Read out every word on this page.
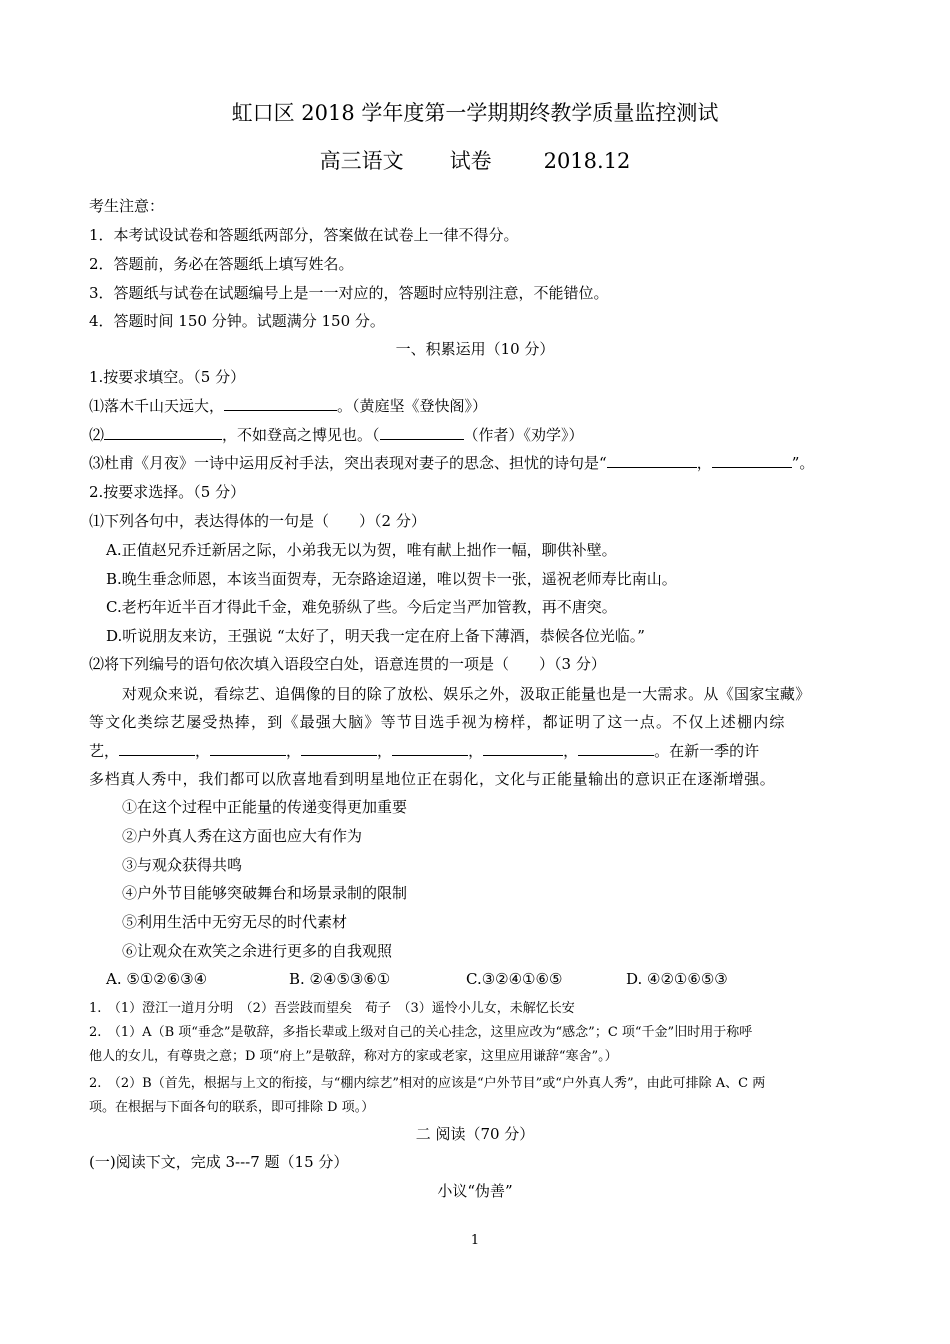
虹口区 2018 学年度第一学期期终教学质量监控测试
高三语文 试卷 2018.12
考生注意：
1．本考试设试卷和答题纸两部分，答案做在试卷上一律不得分。
2．答题前，务必在答题纸上填写姓名。
3．答题纸与试卷在试题编号上是一一对应的，答题时应特别注意，不能错位。
4．答题时间 150 分钟。试题满分 150 分。
一、积累运用（10 分）
1.按要求填空。（5 分）
⑴落木千山天远大，	。（黄庭坚《登快阁》）
⑵	，不如登高之博见也。（	（作者）《劝学》）
⑶杜甫《月夜》一诗中运用反衬手法，突出表现对妻子的思念、担忧的诗句是“	，	”。
2.按要求选择。（5 分）
⑴下列各句中，表达得体的一句是（　　）（2 分）
A.正值赵兄乔迁新居之际，小弟我无以为贺，唯有献上拙作一幅，聊供补壁。
B.晚生垂念师恩，本该当面贺寿，无奈路途迢递，唯以贺卡一张，遥祝老师寿比南山。
C.老朽年近半百才得此千金，难免骄纵了些。今后定当严加管教，再不唐突。
D.听说朋友来访，王强说 “太好了，明天我一定在府上备下薄酒，恭候各位光临。”
⑵将下列编号的语句依次填入语段空白处，语意连贯的一项是（　　）（3 分）
对观众来说，看综艺、追偶像的目的除了放松、娱乐之外，汲取正能量也是一大需求。从《国家宝藏》
等文化类综艺屡受热捧，到《最强大脑》等节目选手视为榜样，都证明了这一点。不仅上述棚内综
艺，	，	，	，	，	，	。在新一季的许
多档真人秀中，我们都可以欣喜地看到明星地位正在弱化，文化与正能量输出的意识正在逐渐增强。
①在这个过程中正能量的传递变得更加重要
②户外真人秀在这方面也应大有作为
③与观众获得共鸣
④户外节目能够突破舞台和场景录制的限制
⑤利用生活中无穷无尽的时代素材
⑥让观众在欢笑之余进行更多的自我观照
A. ⑤①②⑥③④	B. ②④⑤③⑥①	C.③②④①⑥⑤	D. ④②①⑥⑤③
1.　（1）澄江一道月分明　（2）吾尝跂而望矣　荀子　（3）遥怜小儿女，未解忆长安
2.　（1）A（B 项“垂念”是敬辞，多指长辈或上级对自己的关心挂念，这里应改为“感念”；C 项“千金”旧时用于称呼
他人的女儿，有尊贵之意；D 项“府上”是敬辞，称对方的家或老家，这里应用谦辞“寒舍”。）
2.　（2）B（首先，根据与上文的衔接，与“棚内综艺”相对的应该是“户外节目”或“户外真人秀”，由此可排除 A、C 两
项。在根据与下面各句的联系，即可排除 D 项。）
二 阅读（70 分）
(一)阅读下文，完成 3---7 题（15 分）
小议“伪善”
1
